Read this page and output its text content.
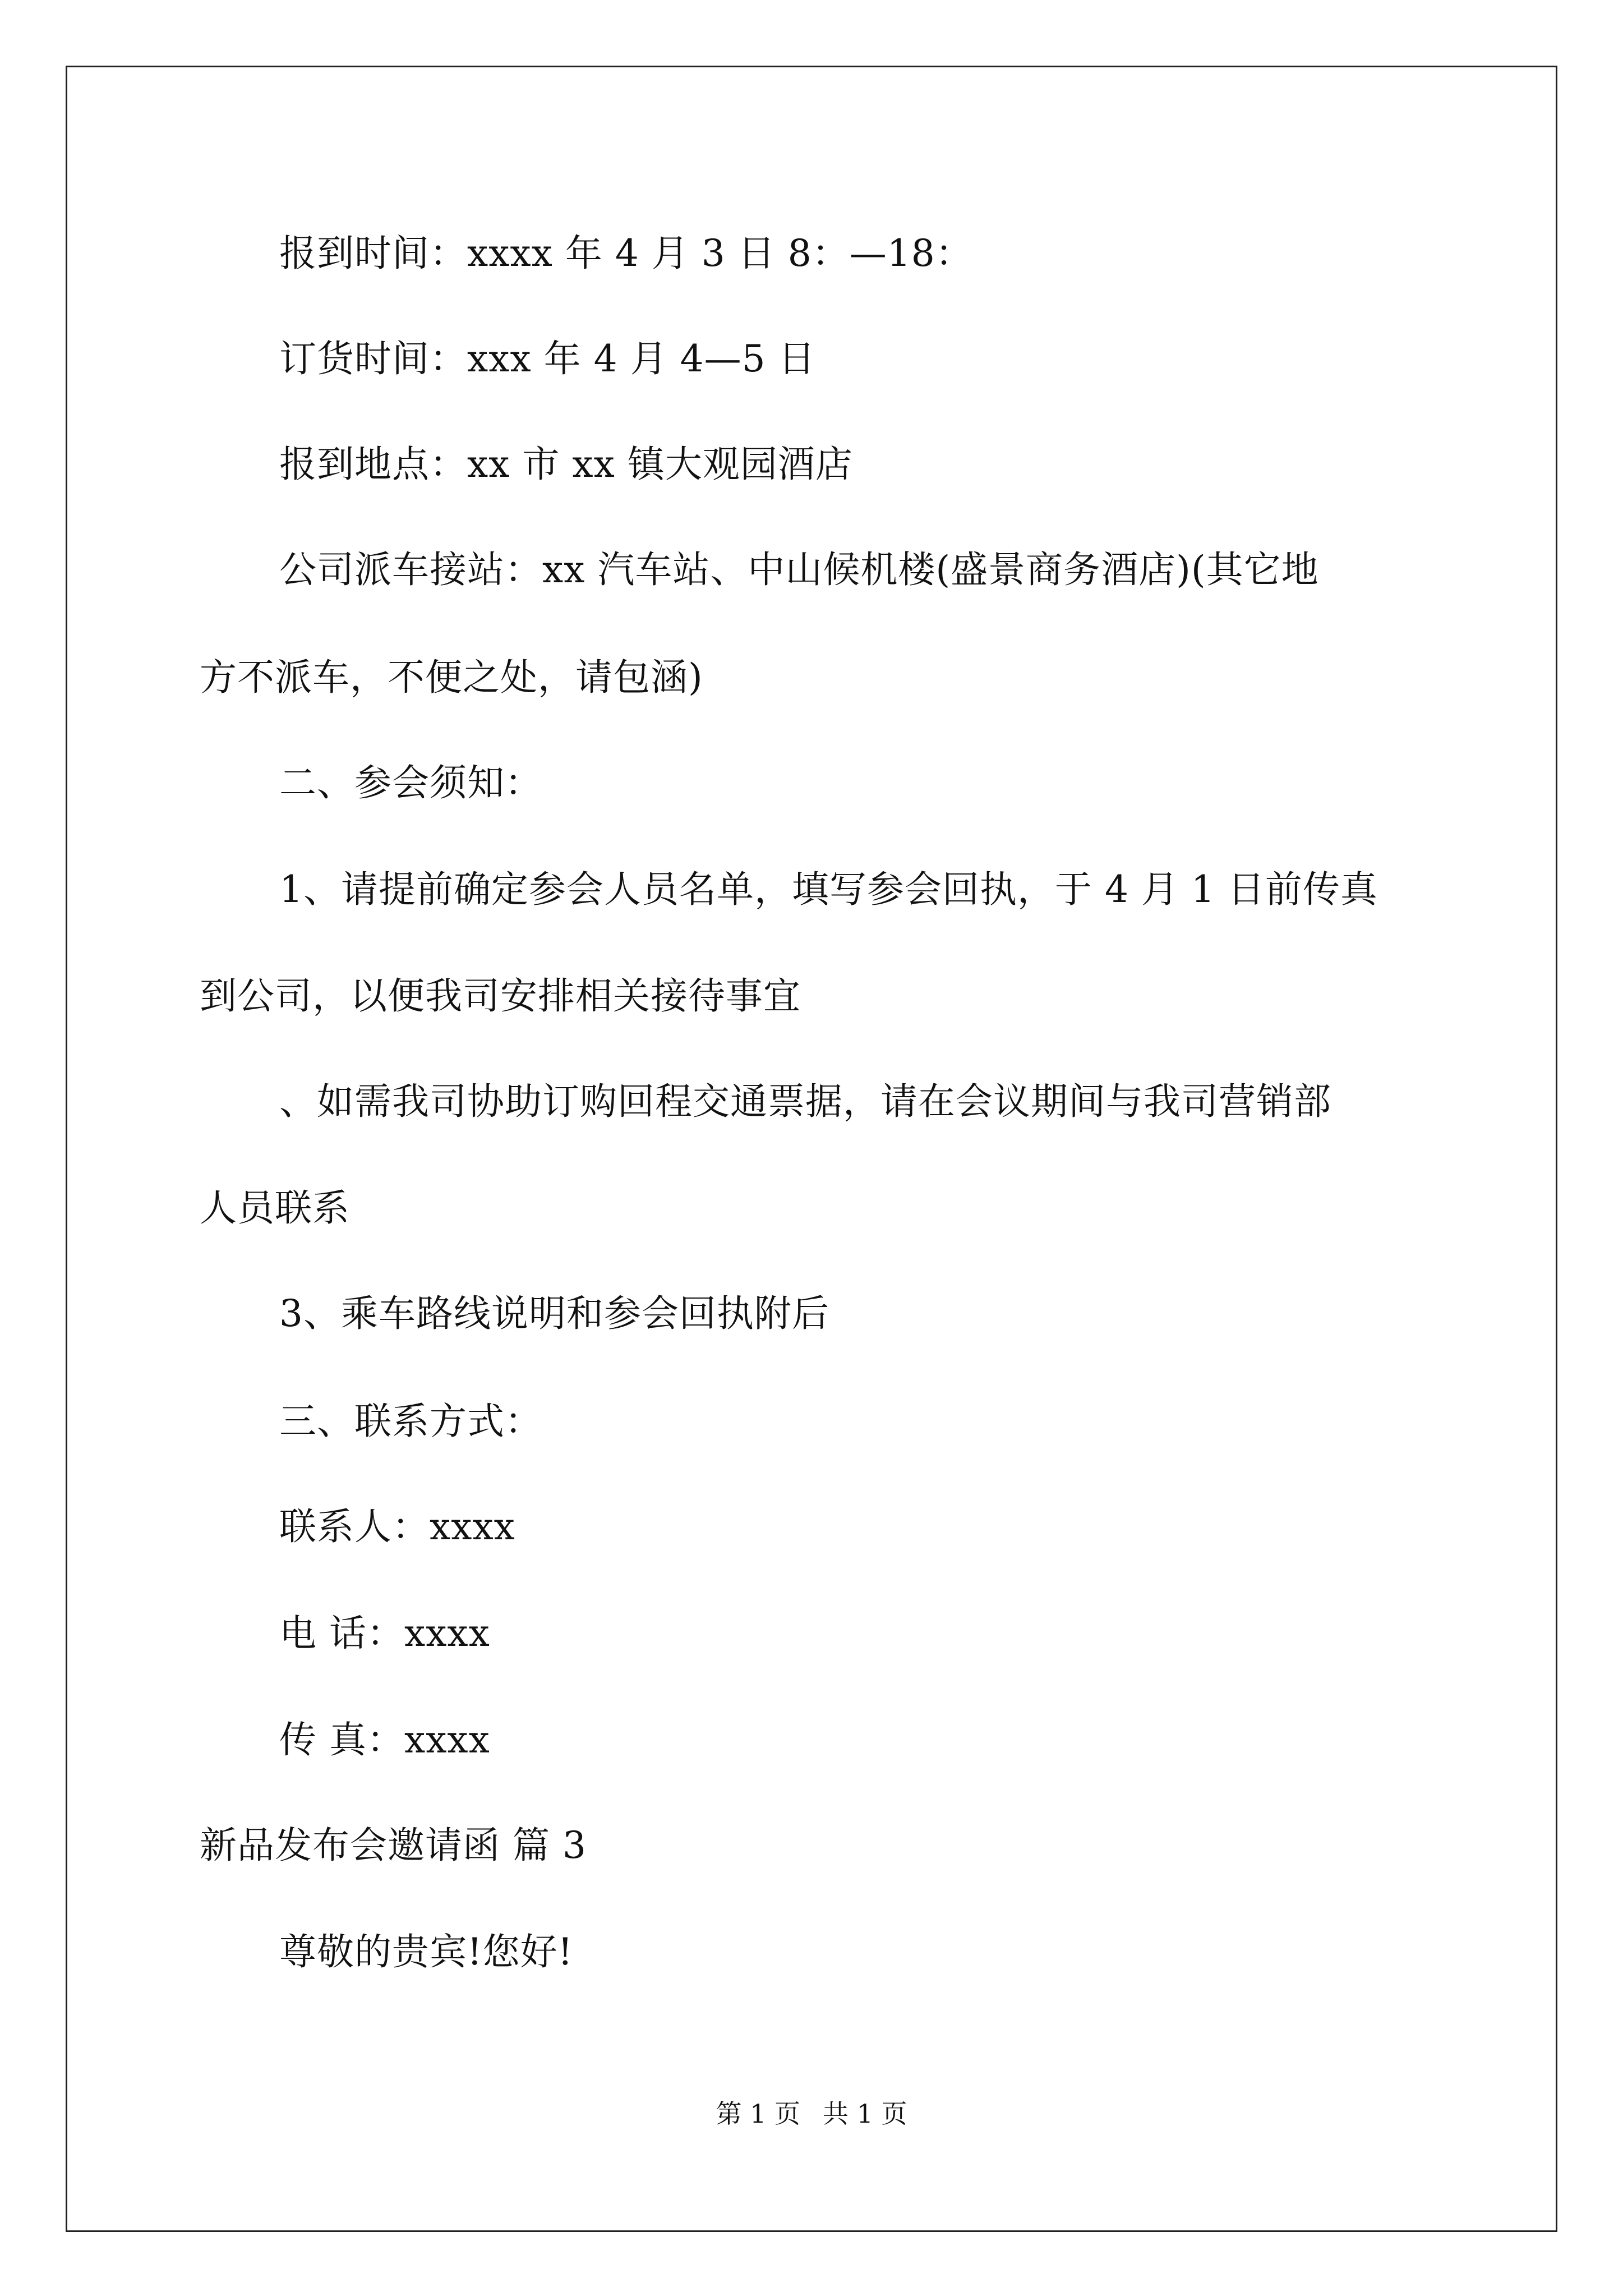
报到时间：xxxx 年 4 月 3 日 8：—18：

订货时间：xxx 年 4 月 4—5 日

报到地点：xx 市 xx 镇大观园酒店

公司派车接站：xx 汽车站、中山候机楼(盛景商务酒店)(其它地

方不派车，不便之处，请包涵)

二、参会须知：

1、请提前确定参会人员名单，填写参会回执，于 4 月 1 日前传真

到公司，以便我司安排相关接待事宜

、如需我司协助订购回程交通票据，请在会议期间与我司营销部

人员联系

3、乘车路线说明和参会回执附后

三、联系方式：

联系人：xxxx

电 话：xxxx

传 真：xxxx

新品发布会邀请函 篇 3

尊敬的贵宾!您好!

第 1 页 共 1 页
